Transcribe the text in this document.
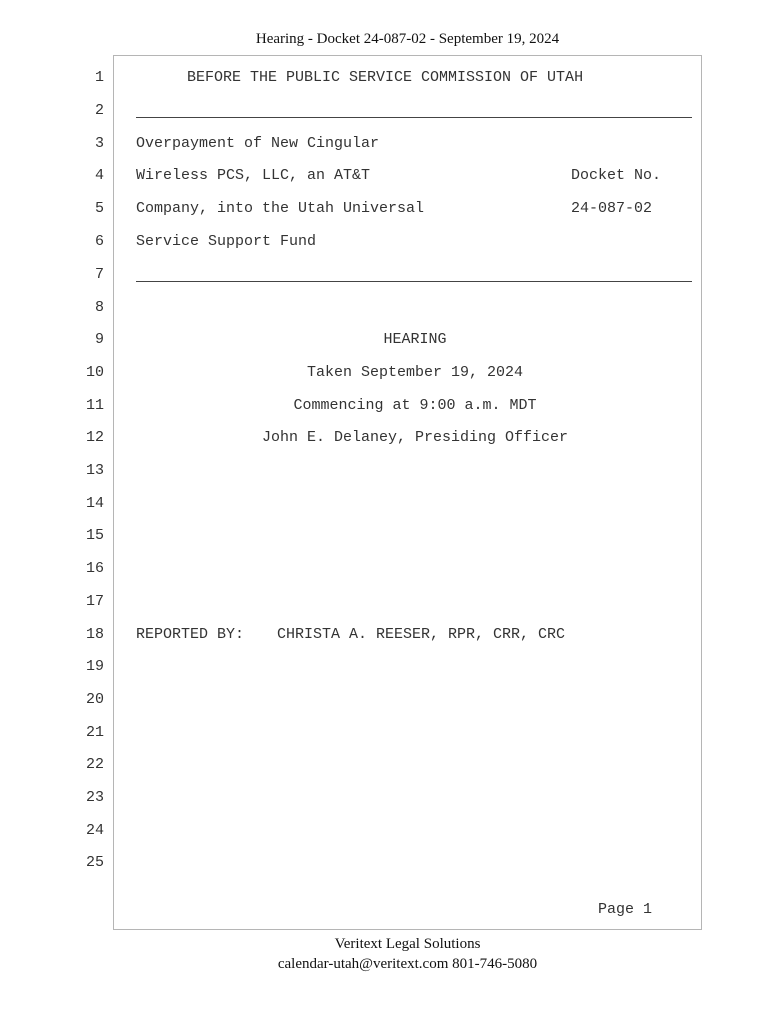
Hearing - Docket 24-087-02 - September 19, 2024
1
2
3
4
5
6
7
8
9
10
11
12
13
14
15
16
17
18
19
20
21
22
23
24
25
BEFORE THE PUBLIC SERVICE COMMISSION OF UTAH
Overpayment of New Cingular
Wireless PCS, LLC, an AT&T	Docket No.
Company, into the Utah Universal	24-087-02
Service Support Fund
HEARING
Taken September 19, 2024
Commencing at 9:00 a.m. MDT
John E. Delaney, Presiding Officer
REPORTED BY: CHRISTA A. REESER, RPR, CRR, CRC
Page 1
Veritext Legal Solutions
calendar-utah@veritext.com 801-746-5080
